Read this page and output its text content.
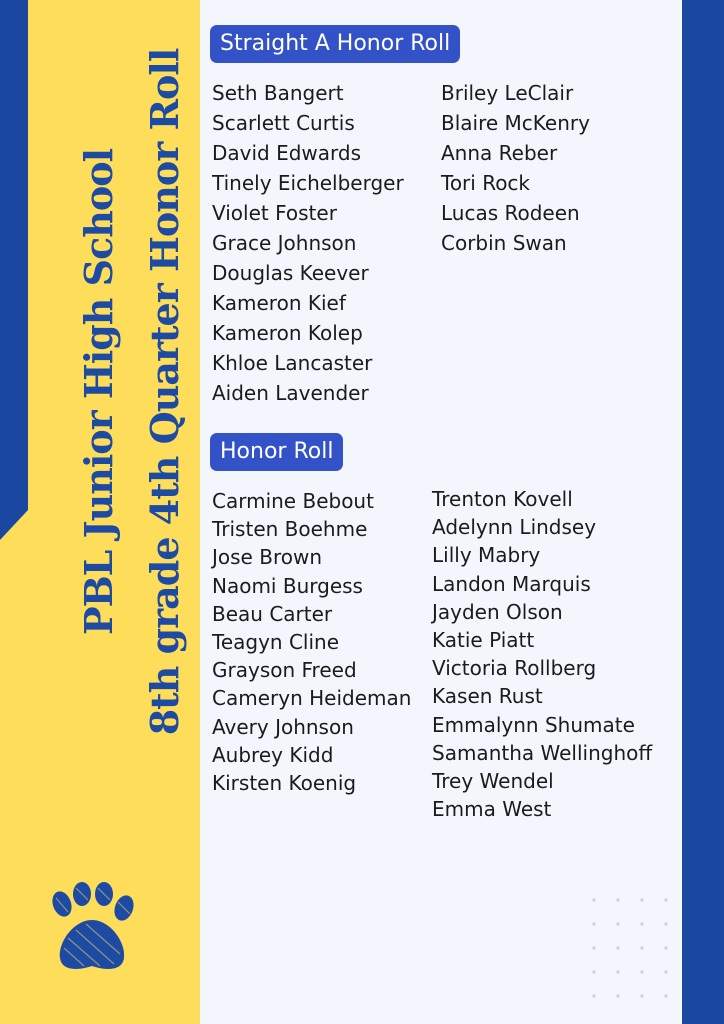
PBL Junior High School 8th grade 4th Quarter Honor Roll
Straight A Honor Roll
Seth Bangert
Scarlett Curtis
David Edwards
Tinely Eichelberger
Violet Foster
Grace Johnson
Douglas Keever
Kameron Kief
Kameron Kolep
Khloe Lancaster
Aiden Lavender
Briley LeClair
Blaire McKenry
Anna Reber
Tori Rock
Lucas Rodeen
Corbin Swan
Honor Roll
Carmine Bebout
Tristen Boehme
Jose Brown
Naomi Burgess
Beau Carter
Teagyn Cline
Grayson Freed
Cameryn Heideman
Avery Johnson
Aubrey Kidd
Kirsten Koenig
Trenton Kovell
Adelynn Lindsey
Lilly Mabry
Landon Marquis
Jayden Olson
Katie Piatt
Victoria Rollberg
Kasen Rust
Emmalynn Shumate
Samantha Wellinghoff
Trey Wendel
Emma West
